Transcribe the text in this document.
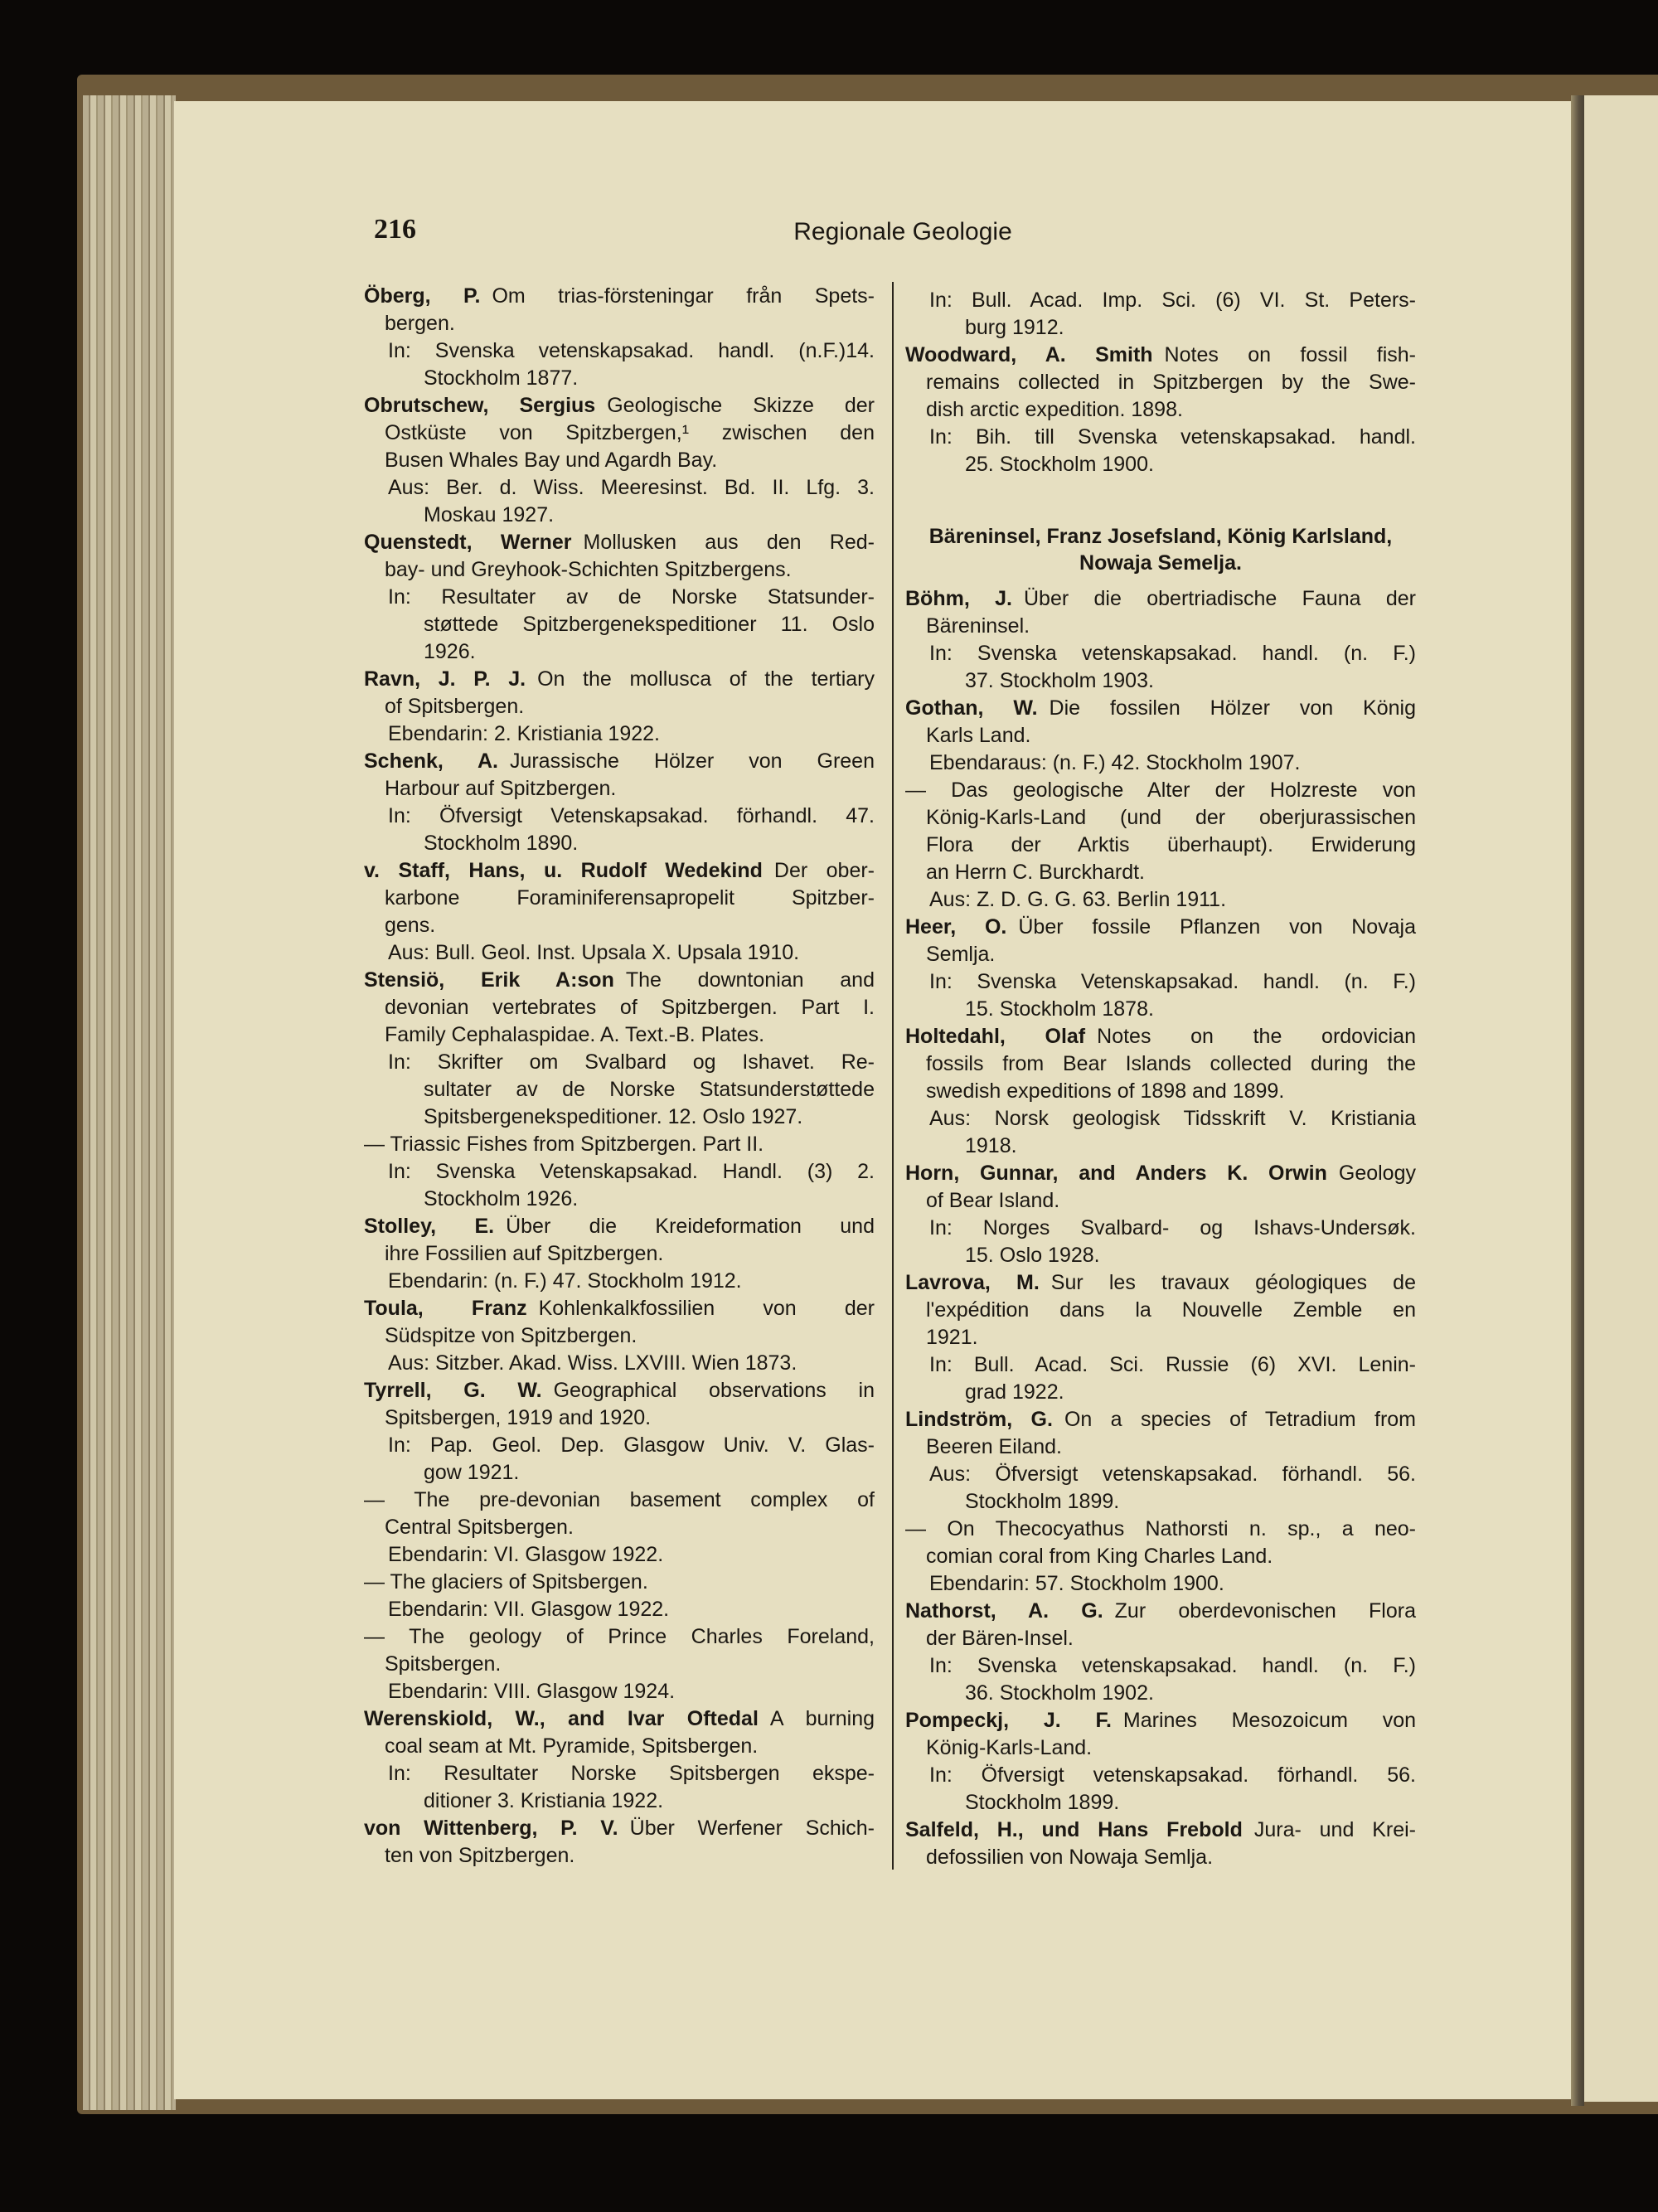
216	Regionale Geologie
Öberg, P. Om trias-försteningar från Spets-
bergen.
In: Svenska vetenskapsakad. handl. (n.F.)14.
Stockholm 1877.
Obrutschew, Sergius Geologische Skizze der
Ostküste von Spitzbergen,¹ zwischen den
Busen Whales Bay und Agardh Bay.
Aus: Ber. d. Wiss. Meeresinst. Bd. II. Lfg. 3.
Moskau 1927.
Quenstedt, Werner Mollusken aus den Red-
bay- und Greyhook-Schichten Spitzbergens.
In: Resultater av de Norske Statsunder-
støttede Spitzbergenekspeditioner 11. Oslo
1926.
Ravn, J. P. J. On the mollusca of the tertiary
of Spitsbergen.
Ebendarin: 2. Kristiania 1922.
Schenk, A. Jurassische Hölzer von Green
Harbour auf Spitzbergen.
In: Öfversigt Vetenskapsakad. förhandl. 47.
Stockholm 1890.
v. Staff, Hans, u. Rudolf Wedekind Der ober-
karbone Foraminiferensapropelit Spitzber-
gens.
Aus: Bull. Geol. Inst. Upsala X. Upsala 1910.
Stensiö, Erik A:son The downtonian and
devonian vertebrates of Spitzbergen. Part I.
Family Cephalaspidae. A. Text.-B. Plates.
In: Skrifter om Svalbard og Ishavet. Re-
sultater av de Norske Statsunderstøttede
Spitsbergenekspeditioner. 12. Oslo 1927.
— Triassic Fishes from Spitzbergen. Part II.
In: Svenska Vetenskapsakad. Handl. (3) 2.
Stockholm 1926.
Stolley, E. Über die Kreideformation und
ihre Fossilien auf Spitzbergen.
Ebendarin: (n. F.) 47. Stockholm 1912.
Toula, Franz Kohlenkalkfossilien von der
Südspitze von Spitzbergen.
Aus: Sitzber. Akad. Wiss. LXVIII. Wien 1873.
Tyrrell, G. W. Geographical observations in
Spitsbergen, 1919 and 1920.
In: Pap. Geol. Dep. Glasgow Univ. V. Glas-
gow 1921.
— The pre-devonian basement complex of
Central Spitsbergen.
Ebendarin: VI. Glasgow 1922.
— The glaciers of Spitsbergen.
Ebendarin: VII. Glasgow 1922.
— The geology of Prince Charles Foreland,
Spitsbergen.
Ebendarin: VIII. Glasgow 1924.
Werenskiold, W., and Ivar Oftedal A burning
coal seam at Mt. Pyramide, Spitsbergen.
In: Resultater Norske Spitsbergen ekspe-
ditioner 3. Kristiania 1922.
von Wittenberg, P. V. Über Werfener Schich-
ten von Spitzbergen.
In: Bull. Acad. Imp. Sci. (6) VI. St. Peters-
burg 1912.
Woodward, A. Smith Notes on fossil fish-
remains collected in Spitzbergen by the Swe-
dish arctic expedition. 1898.
In: Bih. till Svenska vetenskapsakad. handl.
25. Stockholm 1900.
Bäreninsel, Franz Josefsland, König Karlsland,
Nowaja Semelja.
Böhm, J. Über die obertriadische Fauna der
Bäreninsel.
In: Svenska vetenskapsakad. handl. (n. F.)
37. Stockholm 1903.
Gothan, W. Die fossilen Hölzer von König
Karls Land.
Ebendaraus: (n. F.) 42. Stockholm 1907.
— Das geologische Alter der Holzreste von
König-Karls-Land (und der oberjurassischen
Flora der Arktis überhaupt). Erwiderung
an Herrn C. Burckhardt.
Aus: Z. D. G. G. 63. Berlin 1911.
Heer, O. Über fossile Pflanzen von Novaja
Semlja.
In: Svenska Vetenskapsakad. handl. (n. F.)
15. Stockholm 1878.
Holtedahl, Olaf Notes on the ordovician
fossils from Bear Islands collected during the
swedish expeditions of 1898 and 1899.
Aus: Norsk geologisk Tidsskrift V. Kristiania
1918.
Horn, Gunnar, and Anders K. Orwin Geology
of Bear Island.
In: Norges Svalbard- og Ishavs-Undersøk.
15. Oslo 1928.
Lavrova, M. Sur les travaux géologiques de
l'expédition dans la Nouvelle Zemble en
1921.
In: Bull. Acad. Sci. Russie (6) XVI. Lenin-
grad 1922.
Lindström, G. On a species of Tetradium from
Beeren Eiland.
Aus: Öfversigt vetenskapsakad. förhandl. 56.
Stockholm 1899.
— On Thecocyathus Nathorsti n. sp., a neo-
comian coral from King Charles Land.
Ebendarin: 57. Stockholm 1900.
Nathorst, A. G. Zur oberdevonischen Flora
der Bären-Insel.
In: Svenska vetenskapsakad. handl. (n. F.)
36. Stockholm 1902.
Pompeckj, J. F. Marines Mesozoicum von
König-Karls-Land.
In: Öfversigt vetenskapsakad. förhandl. 56.
Stockholm 1899.
Salfeld, H., und Hans Frebold Jura- und Krei-
defossilien von Nowaja Semlja.
